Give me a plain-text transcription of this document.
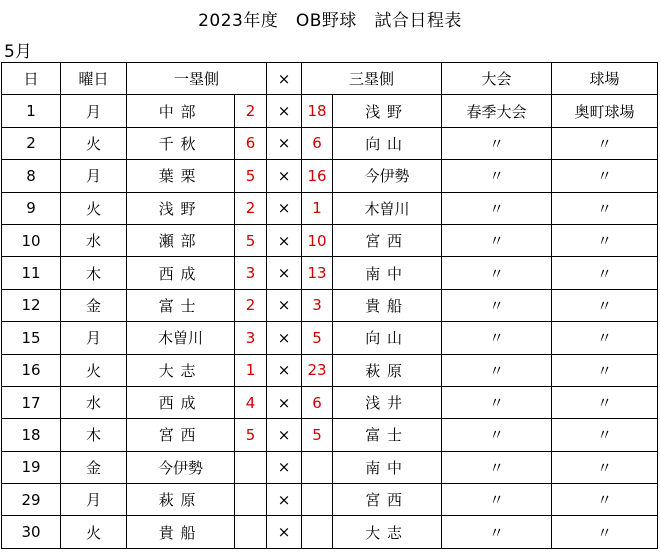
2023年度　OB野球　試合日程表
5月
日	曜日	一塁側		×	三塁側		大会	球場
1	月	中部	2	×	18	浅野	春季大会	奥町球場
2	火	千秋	6	×	6	向山	〃	〃
8	月	葉栗	5	×	16	今伊勢	〃	〃
9	火	浅野	2	×	1	木曽川	〃	〃
10	水	瀬部	5	×	10	宮西	〃	〃
11	木	西成	3	×	13	南中	〃	〃
12	金	富士	2	×	3	貴船	〃	〃
15	月	木曽川	3	×	5	向山	〃	〃
16	火	大志	1	×	23	萩原	〃	〃
17	水	西成	4	×	6	浅井	〃	〃
18	木	宮西	5	×	5	富士	〃	〃
19	金	今伊勢		×		南中	〃	〃
29	月	萩原		×		宮西	〃	〃
30	火	貴船		×		大志	〃	〃
